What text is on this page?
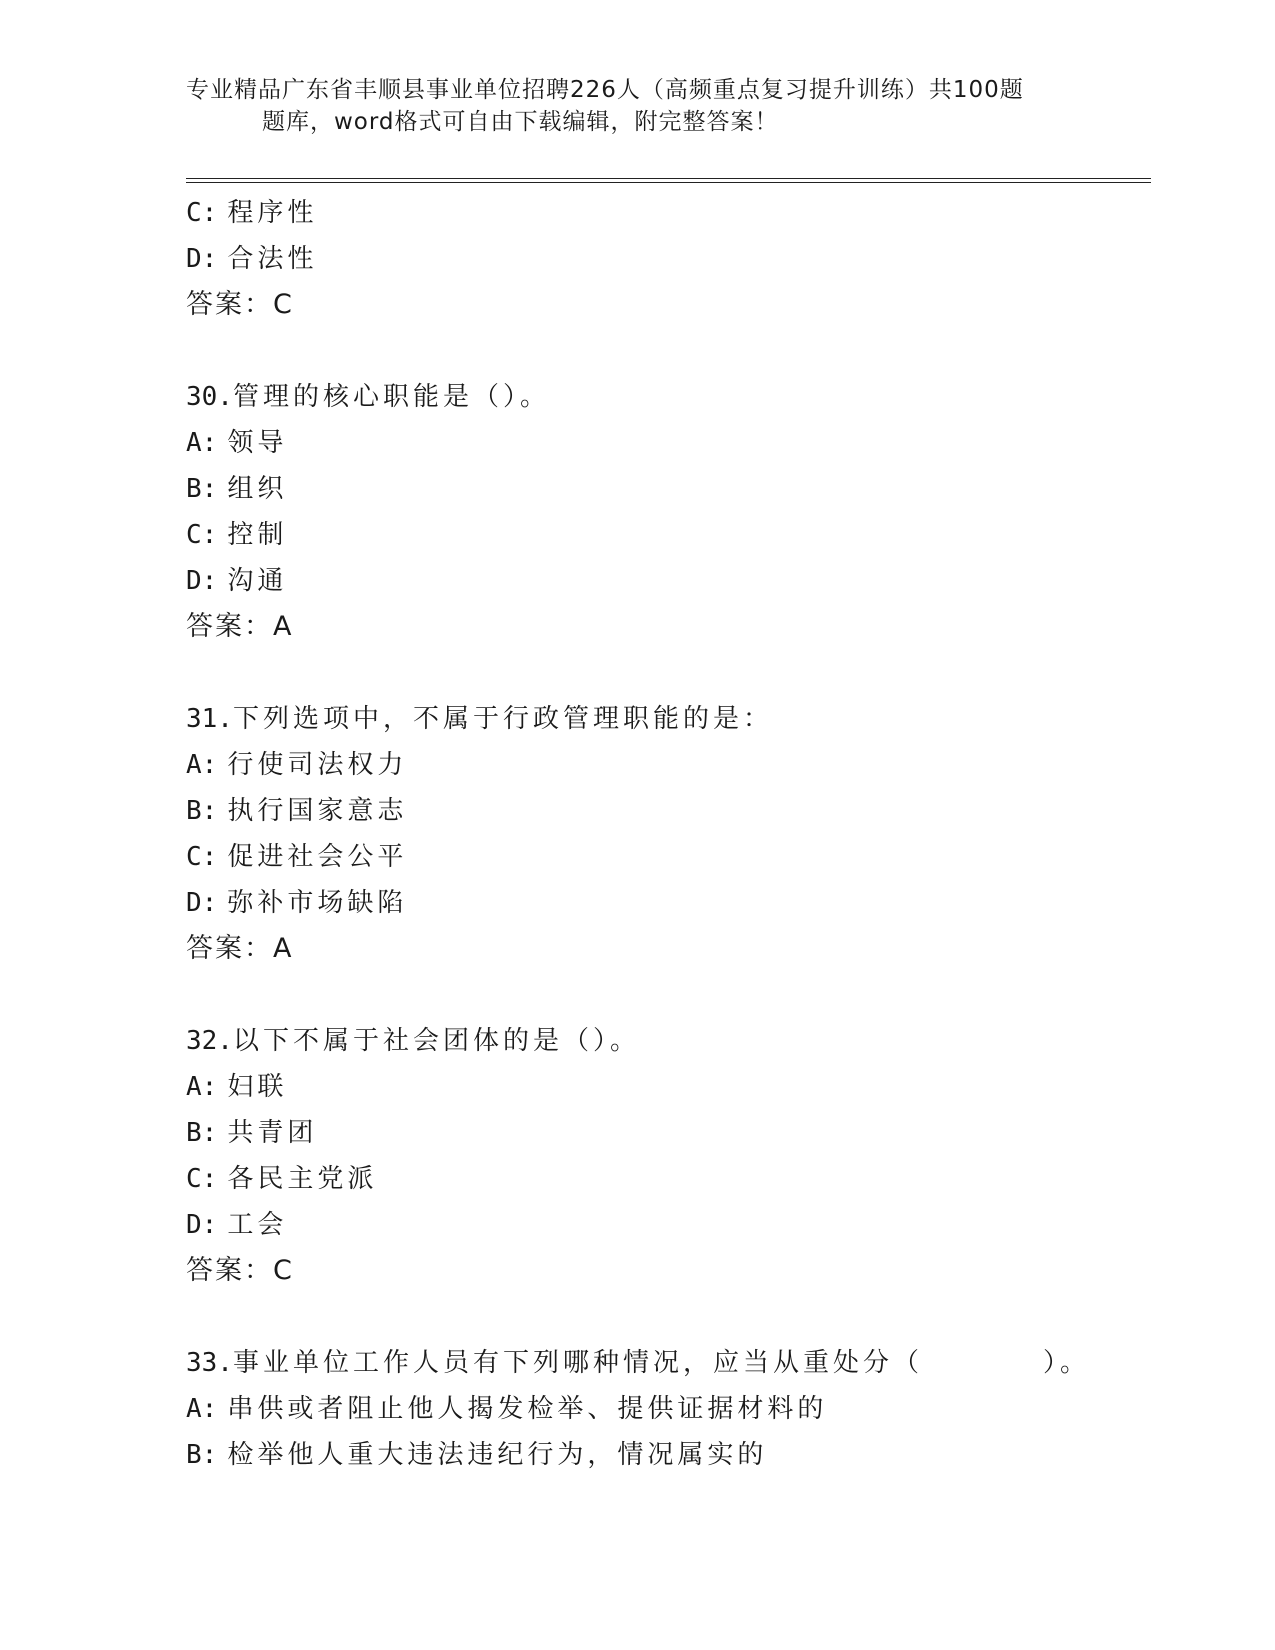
专业精品广东省丰顺县事业单位招聘226人（高频重点复习提升训练）共100题
题库，word格式可自由下载编辑，附完整答案！
C: 程序性
D: 合法性
答案：C
30.管理的核心职能是（）。
A: 领导
B: 组织
C: 控制
D: 沟通
答案：A
31.下列选项中，不属于行政管理职能的是：
A: 行使司法权力
B: 执行国家意志
C: 促进社会公平
D: 弥补市场缺陷
答案：A
32.以下不属于社会团体的是（）。
A: 妇联
B: 共青团
C: 各民主党派
D: 工会
答案：C
33.事业单位工作人员有下列哪种情况，应当从重处分（　　　　）。
A: 串供或者阻止他人揭发检举、提供证据材料的
B: 检举他人重大违法违纪行为，情况属实的
